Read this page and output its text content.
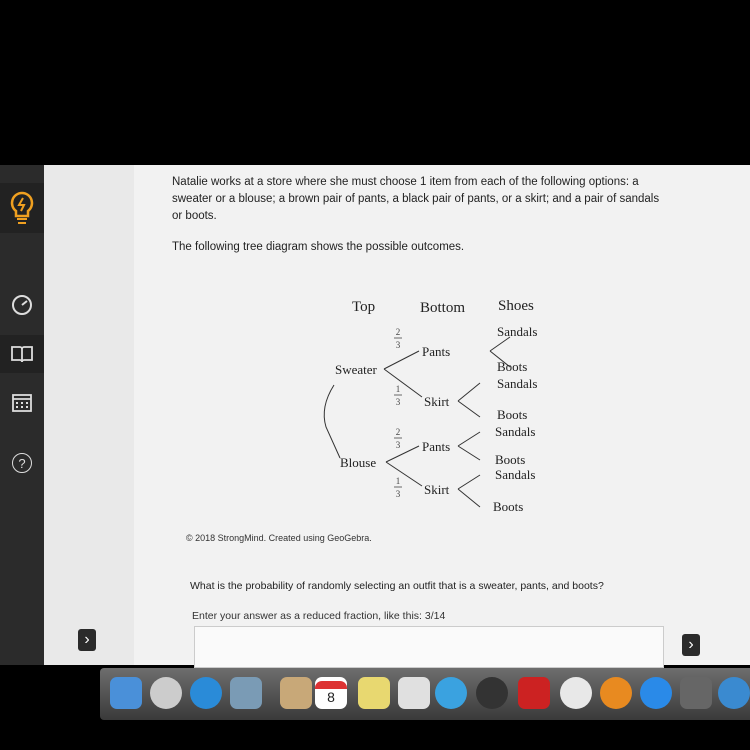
?
›
Natalie works at a store where she must choose 1 item from each of the following options: a
sweater or a blouse; a brown pair of pants, a black pair of pants, or a skirt; and a pair of sandals
or boots.
The following tree diagram shows the possible outcomes.
Top	Bottom Shoes
Sweater
Blouse
Pants
Skirt
Pants
Skirt
Sandals
Boots
Sandals
Boots
Sandals
Boots
Sandals
Boots
2
3
1
3
2
3
1
3
© 2018 StrongMind. Created using GeoGebra.
What is the probability of randomly selecting an outfit that is a sweater, pants, and boots?
Enter your answer as a reduced fraction, like this: 3/14
›
8
